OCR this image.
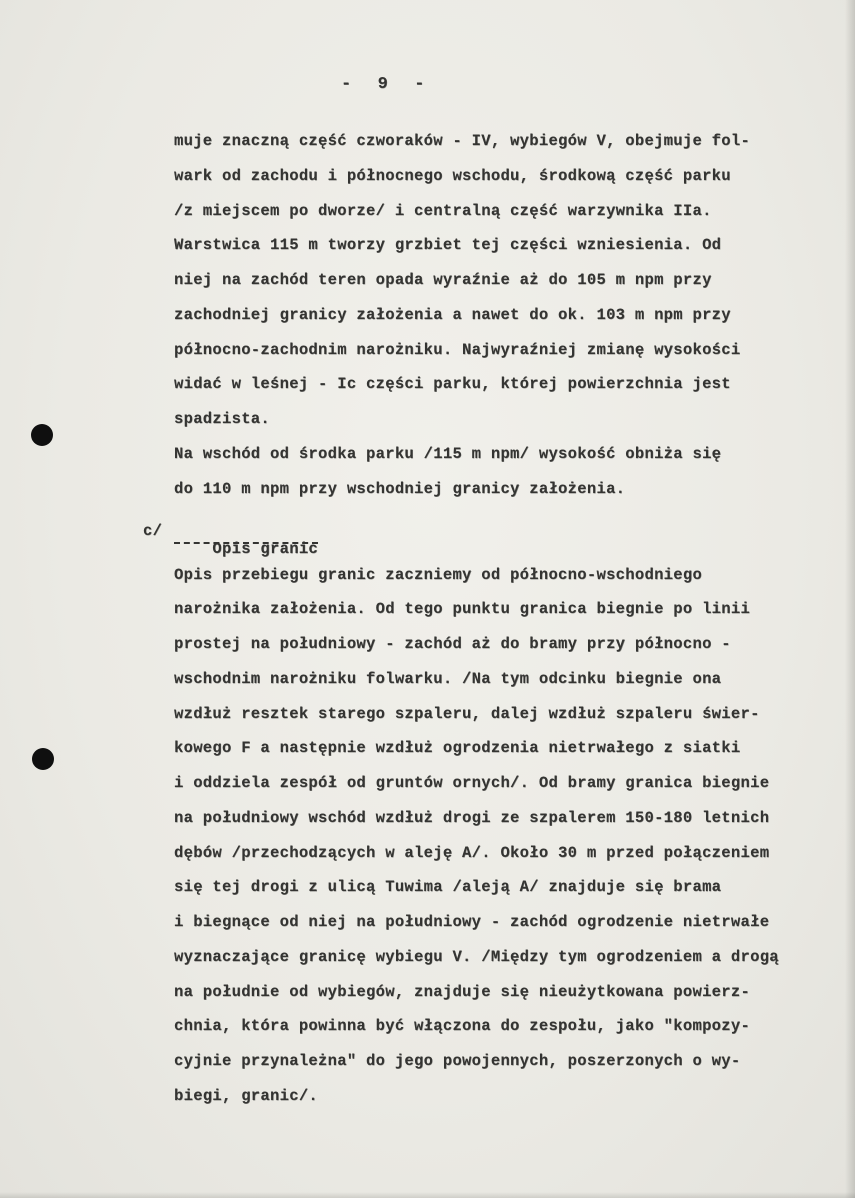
-  9  -
muje znaczną część czworaków - IV, wybiegów V, obejmuje fol-
wark od zachodu i północnego wschodu, środkową część parku
/z miejscem po dworze/ i centralną część warzywnika IIa.
Warstwica 115 m tworzy grzbiet tej części wzniesienia. Od
niej na zachód teren opada wyraźnie aż do 105 m npm przy
zachodniej granicy założenia a nawet do ok. 103 m npm przy
północno-zachodnim narożniku. Najwyraźniej zmianę wysokości
widać w leśnej - Ic części parku, której powierzchnia jest
spadzista.
Na wschód od środka parku /115 m npm/ wysokość obniża się
do 110 m npm przy wschodniej granicy założenia.
c/

Opis granic

Opis przebiegu granic zaczniemy od północno-wschodniego
narożnika założenia. Od tego punktu granica biegnie po linii
prostej na południowy - zachód aż do bramy przy północno -
wschodnim narożniku folwarku. /Na tym odcinku biegnie ona
wzdłuż resztek starego szpaleru, dalej wzdłuż szpaleru świer-
kowego F a następnie wzdłuż ogrodzenia nietrwałego z siatki
i oddziela zespół od gruntów ornych/. Od bramy granica biegnie
na południowy wschód wzdłuż drogi ze szpalerem 150-180 letnich
dębów /przechodzących w aleję A/. Około 30 m przed połączeniem
się tej drogi z ulicą Tuwima /aleją A/ znajduje się brama
i biegnące od niej na południowy - zachód ogrodzenie nietrwałe
wyznaczające granicę wybiegu V. /Między tym ogrodzeniem a drogą
na południe od wybiegów, znajduje się nieużytkowana powierz-
chnia, która powinna być włączona do zespołu, jako "kompozy-
cyjnie przynależna" do jego powojennych, poszerzonych o wy-
biegi, granic/.
